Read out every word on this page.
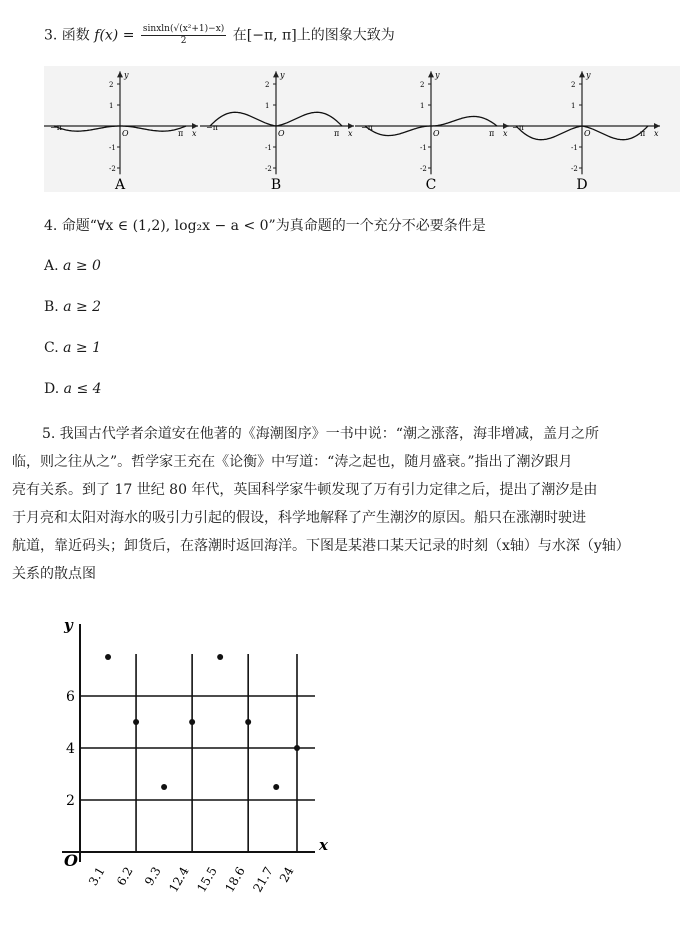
3. 函数 $f(x) = \frac{\text{sinxln(√(x²+1)−x)}}{2}$ 在[−π, π]上的图象大致为
y
2
1
-1
-2
O
−π
π x
A
y
2
1
-1
-2
O
−π
π x
B
y
2
1
-1
-2
O
−π
π x
C
y
2
1
-1
-2
O
−π
π x
D
4. 命题“∀x ∈ (1,2), log₂x − a < 0”为真命题的一个充分不必要条件是
A. a ≥ 0
B. a ≥ 2
C. a ≥ 1
D. a ≤ 4
5. 我国古代学者余道安在他著的《海潮图序》一书中说：“潮之涨落，海非增减，盖月之所
临，则之往从之”。哲学家王充在《论衡》中写道：“涛之起也，随月盛衰。”指出了潮汐跟月
亮有关系。到了 17 世纪 80 年代，英国科学家牛顿发现了万有引力定律之后，提出了潮汐是由
于月亮和太阳对海水的吸引力引起的假设，科学地解释了产生潮汐的原因。船只在涨潮时驶进
航道，靠近码头；卸货后，在落潮时返回海洋。下图是某港口某天记录的时刻（x轴）与水深（y轴）
关系的散点图
y
x
O
2
4
6
3.1 6.2 9.3 12.4 15.5 18.6 21.7 24
